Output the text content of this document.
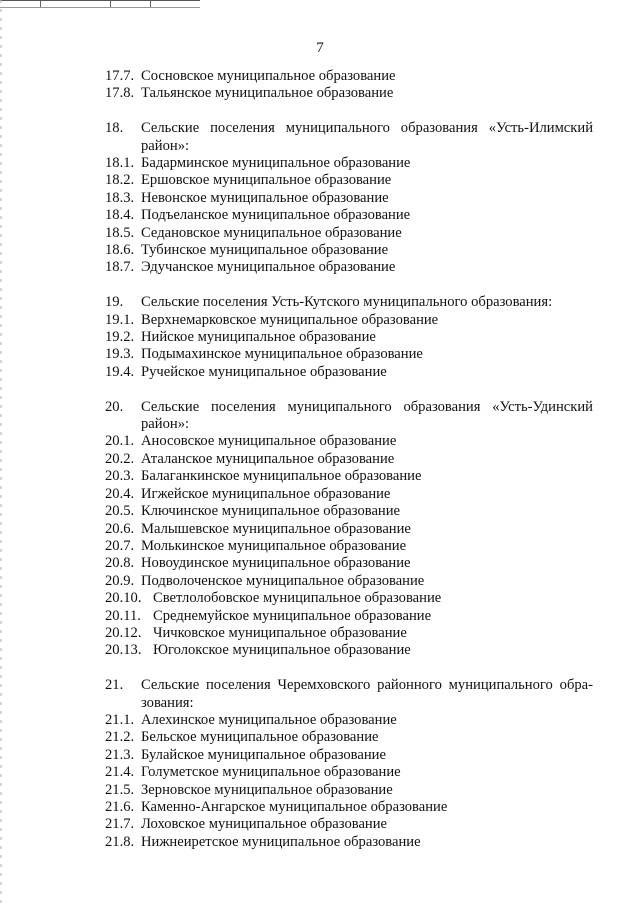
7
17.7. Сосновское муниципальное образование
17.8. Тальянское муниципальное образование
18.	Сельские поселения муниципального образования «Усть-Илимский
район»:
18.1. Бадарминское муниципальное образование
18.2. Ершовское муниципальное образование
18.3. Невонское муниципальное образование
18.4. Подъеланское муниципальное образование
18.5. Седановское муниципальное образование
18.6. Тубинское муниципальное образование
18.7. Эдучанское муниципальное образование
19.	Сельские поселения Усть-Кутского муниципального образования:
19.1. Верхнемарковское муниципальное образование
19.2. Нийское муниципальное образование
19.3. Подымахинское муниципальное образование
19.4. Ручейское муниципальное образование
20.	Сельские поселения муниципального образования «Усть-Удинский
район»:
20.1. Аносовское муниципальное образование
20.2. Аталанское муниципальное образование
20.3. Балаганкинское муниципальное образование
20.4. Игжейское муниципальное образование
20.5. Ключинское муниципальное образование
20.6. Малышевское муниципальное образование
20.7. Молькинское муниципальное образование
20.8. Новоудинское муниципальное образование
20.9. Подволоченское муниципальное образование
20.10. Светлолобовское муниципальное образование
20.11. Среднемуйское муниципальное образование
20.12. Чичковское муниципальное образование
20.13. Юголокское муниципальное образование
21.	Сельские поселения Черемховского районного муниципального обра-
зования:
21.1. Алехинское муниципальное образование
21.2. Бельское муниципальное образование
21.3. Булайское муниципальное образование
21.4. Голуметское муниципальное образование
21.5. Зерновское муниципальное образование
21.6. Каменно-Ангарское муниципальное образование
21.7. Лоховское муниципальное образование
21.8. Нижнеиретское муниципальное образование
